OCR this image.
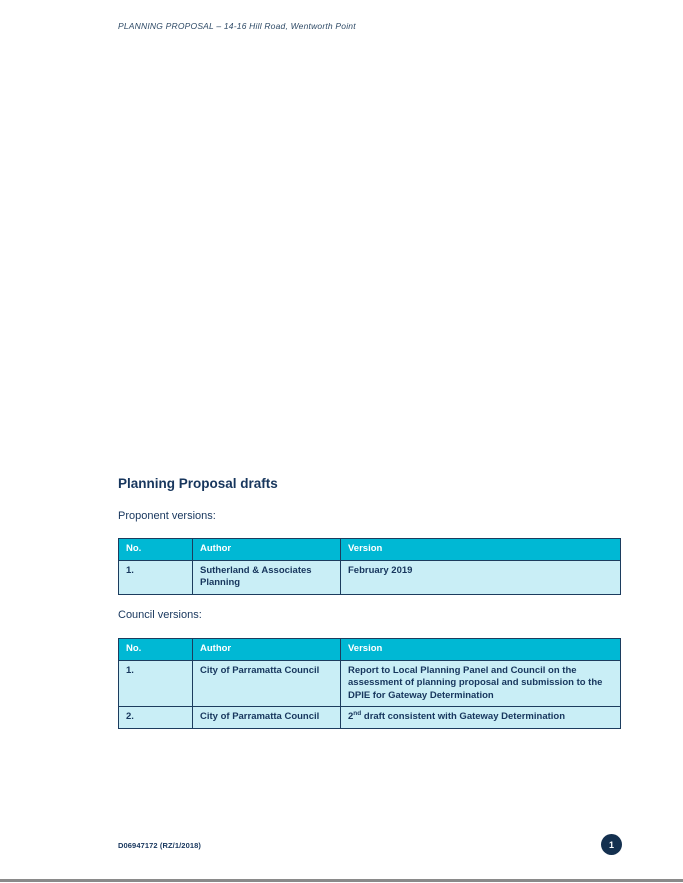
PLANNING PROPOSAL – 14-16 Hill Road, Wentworth Point
Planning Proposal drafts
Proponent versions:
No.	Author	Version
1.	Sutherland & Associates Planning	February 2019
Council versions:
No.	Author	Version
1.	City of Parramatta Council	Report to Local Planning Panel and Council on the assessment of planning proposal and submission to the DPIE for Gateway Determination
2.	City of Parramatta Council	2nd draft consistent with Gateway Determination
D06947172 (RZ/1/2018)	1
